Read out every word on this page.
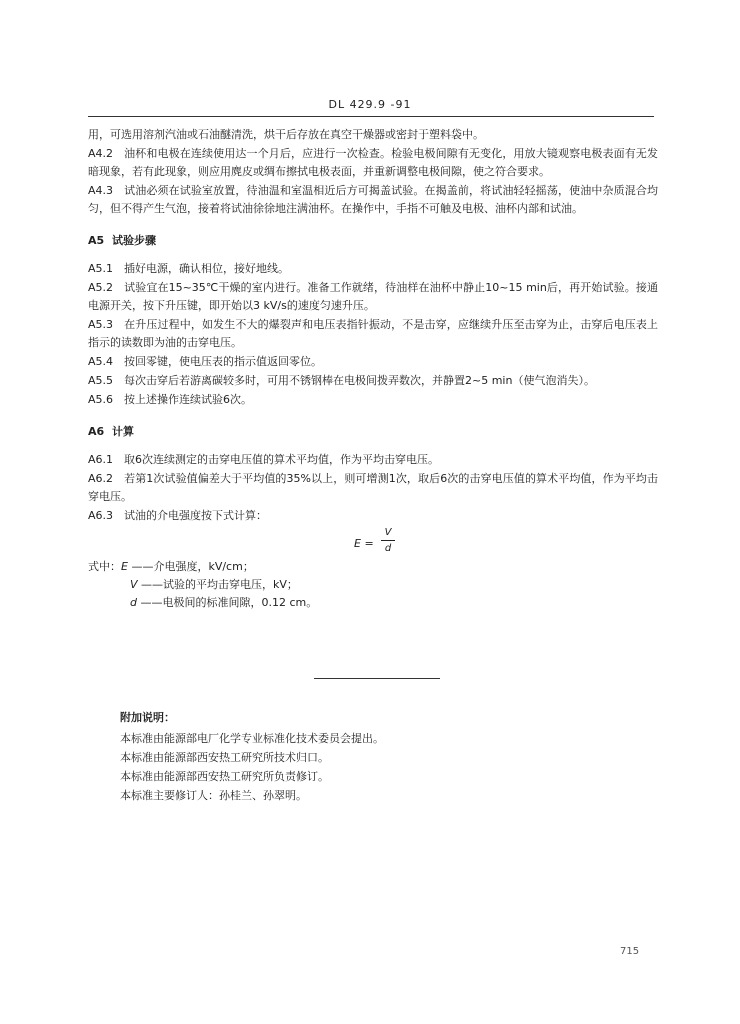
DL 429.9 -91

用，可选用溶剂汽油或石油醚清洗，烘干后存放在真空干燥器或密封于塑料袋中。

A4.2 油杯和电极在连续使用达一个月后，应进行一次检查。检验电极间隙有无变化，用放大镜观察电极表面有无发暗现象，若有此现象，则应用麂皮或绸布擦拭电极表面，并重新调整电极间隙，使之符合要求。

A4.3 试油必须在试验室放置，待油温和室温相近后方可揭盖试验。在揭盖前，将试油轻轻摇荡，使油中杂质混合均匀，但不得产生气泡，接着将试油徐徐地注满油杯。在操作中，手指不可触及电极、油杯内部和试油。

A5 试验步骤

A5.1 插好电源，确认相位，接好地线。

A5.2 试验宜在15~35℃干燥的室内进行。准备工作就绪，待油样在油杯中静止10~15 min后，再开始试验。接通电源开关，按下升压键，即开始以3 kV/s的速度匀速升压。

A5.3 在升压过程中，如发生不大的爆裂声和电压表指针振动，不是击穿，应继续升压至击穿为止，击穿后电压表上指示的读数即为油的击穿电压。

A5.4 按回零键，使电压表的指示值返回零位。

A5.5 每次击穿后若游离碳较多时，可用不锈钢棒在电极间拨弄数次，并静置2~5 min（使气泡消失）。

A5.6 按上述操作连续试验6次。

A6 计算

A6.1 取6次连续测定的击穿电压值的算术平均值，作为平均击穿电压。

A6.2 若第1次试验值偏差大于平均值的35%以上，则可增测1次，取后6次的击穿电压值的算术平均值，作为平均击穿电压。

A6.3 试油的介电强度按下式计算：

E =
V
d
式中：E ——介电强度，kV/cm；
V ——试验的平均击穿电压，kV；
d ——电极间的标准间隙，0.12 cm。
附加说明：
本标准由能源部电厂化学专业标准化技术委员会提出。
本标准由能源部西安热工研究所技术归口。
本标准由能源部西安热工研究所负责修订。
本标准主要修订人：孙桂兰、孙翠明。
715
